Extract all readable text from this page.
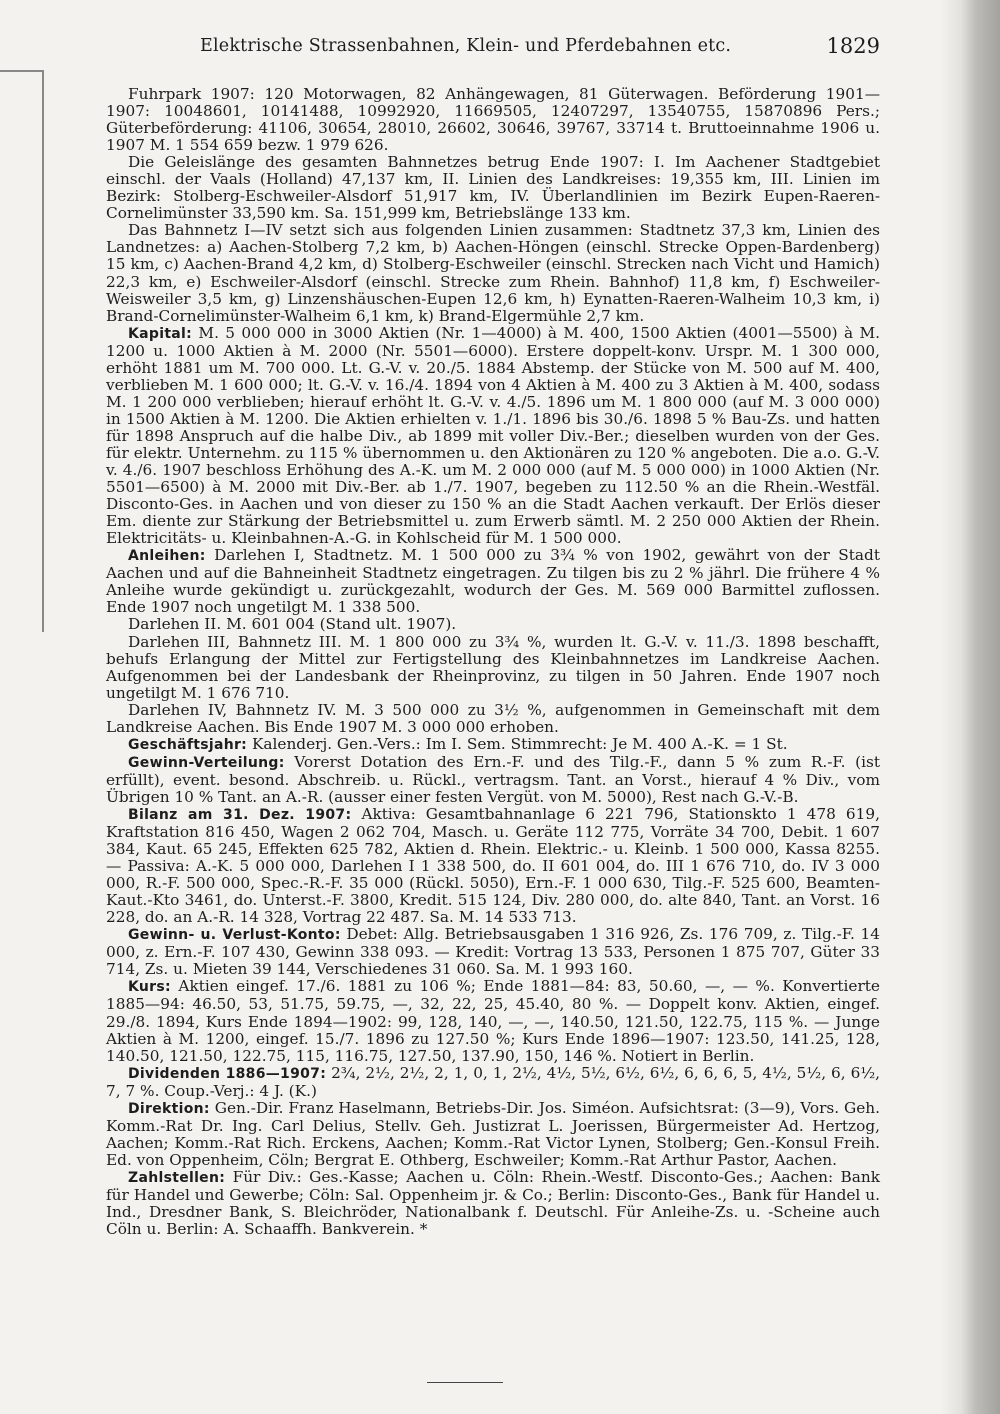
Elektrische Strassenbahnen, Klein- und Pferdebahnen etc.	1829

Fuhrpark 1907: 120 Motorwagen, 82 Anhängewagen, 81 Güterwagen. Beförderung 1901—1907: 10048601, 10141488, 10992920, 11669505, 12407297, 13540755, 15870896 Pers.; Güterbeförderung: 41106, 30654, 28010, 26602, 30646, 39767, 33714 t. Bruttoeinnahme 1906 u. 1907 M. 1 554 659 bezw. 1 979 626.

Die Geleislänge des gesamten Bahnnetzes betrug Ende 1907: I. Im Aachener Stadtgebiet einschl. der Vaals (Holland) 47,137 km, II. Linien des Landkreises: 19,355 km, III. Linien im Bezirk: Stolberg-Eschweiler-Alsdorf 51,917 km, IV. Überlandlinien im Bezirk Eupen-Raeren-Cornelimünster 33,590 km. Sa. 151,999 km, Betriebslänge 133 km.

Das Bahnnetz I—IV setzt sich aus folgenden Linien zusammen: Stadtnetz 37,3 km, Linien des Landnetzes: a) Aachen-Stolberg 7,2 km, b) Aachen-Höngen (einschl. Strecke Oppen-Bardenberg) 15 km, c) Aachen-Brand 4,2 km, d) Stolberg-Eschweiler (einschl. Strecken nach Vicht und Hamich) 22,3 km, e) Eschweiler-Alsdorf (einschl. Strecke zum Rhein. Bahnhof) 11,8 km, f) Eschweiler-Weisweiler 3,5 km, g) Linzenshäuschen-Eupen 12,6 km, h) Eynatten-Raeren-Walheim 10,3 km, i) Brand-Cornelimünster-Walheim 6,1 km, k) Brand-Elgermühle 2,7 km.

Kapital: M. 5 000 000 in 3000 Aktien (Nr. 1—4000) à M. 400, 1500 Aktien (4001—5500) à M. 1200 u. 1000 Aktien à M. 2000 (Nr. 5501—6000). Erstere doppelt-konv. Urspr. M. 1 300 000, erhöht 1881 um M. 700 000. Lt. G.-V. v. 20./5. 1884 Abstemp. der Stücke von M. 500 auf M. 400, verblieben M. 1 600 000; lt. G.-V. v. 16./4. 1894 von 4 Aktien à M. 400 zu 3 Aktien à M. 400, sodass M. 1 200 000 verblieben; hierauf erhöht lt. G.-V. v. 4./5. 1896 um M. 1 800 000 (auf M. 3 000 000) in 1500 Aktien à M. 1200. Die Aktien erhielten v. 1./1. 1896 bis 30./6. 1898 5 % Bau-Zs. und hatten für 1898 Anspruch auf die halbe Div., ab 1899 mit voller Div.-Ber.; dieselben wurden von der Ges. für elektr. Unternehm. zu 115 % übernommen u. den Aktionären zu 120 % angeboten. Die a.o. G.-V. v. 4./6. 1907 beschloss Erhöhung des A.-K. um M. 2 000 000 (auf M. 5 000 000) in 1000 Aktien (Nr. 5501—6500) à M. 2000 mit Div.-Ber. ab 1./7. 1907, begeben zu 112.50 % an die Rhein.-Westfäl. Disconto-Ges. in Aachen und von dieser zu 150 % an die Stadt Aachen verkauft. Der Erlös dieser Em. diente zur Stärkung der Betriebsmittel u. zum Erwerb sämtl. M. 2 250 000 Aktien der Rhein. Elektricitäts- u. Kleinbahnen-A.-G. in Kohlscheid für M. 1 500 000.

Anleihen: Darlehen I, Stadtnetz. M. 1 500 000 zu 3¾ % von 1902, gewährt von der Stadt Aachen und auf die Bahneinheit Stadtnetz eingetragen. Zu tilgen bis zu 2 % jährl. Die frühere 4 % Anleihe wurde gekündigt u. zurückgezahlt, wodurch der Ges. M. 569 000 Barmittel zuflossen. Ende 1907 noch ungetilgt M. 1 338 500.

Darlehen II. M. 601 004 (Stand ult. 1907).

Darlehen III, Bahnnetz III. M. 1 800 000 zu 3¾ %, wurden lt. G.-V. v. 11./3. 1898 beschafft, behufs Erlangung der Mittel zur Fertigstellung des Kleinbahnnetzes im Landkreise Aachen. Aufgenommen bei der Landesbank der Rheinprovinz, zu tilgen in 50 Jahren. Ende 1907 noch ungetilgt M. 1 676 710.

Darlehen IV, Bahnnetz IV. M. 3 500 000 zu 3½ %, aufgenommen in Gemeinschaft mit dem Landkreise Aachen. Bis Ende 1907 M. 3 000 000 erhoben.

Geschäftsjahr: Kalenderj. Gen.-Vers.: Im I. Sem. Stimmrecht: Je M. 400 A.-K. = 1 St.

Gewinn-Verteilung: Vorerst Dotation des Ern.-F. und des Tilg.-F., dann 5 % zum R.-F. (ist erfüllt), event. besond. Abschreib. u. Rückl., vertragsm. Tant. an Vorst., hierauf 4 % Div., vom Übrigen 10 % Tant. an A.-R. (ausser einer festen Vergüt. von M. 5000), Rest nach G.-V.-B.

Bilanz am 31. Dez. 1907: Aktiva: Gesamtbahnanlage 6 221 796, Stationskto 1 478 619, Kraftstation 816 450, Wagen 2 062 704, Masch. u. Geräte 112 775, Vorräte 34 700, Debit. 1 607 384, Kaut. 65 245, Effekten 625 782, Aktien d. Rhein. Elektric.- u. Kleinb. 1 500 000, Kassa 8255. — Passiva: A.-K. 5 000 000, Darlehen I 1 338 500, do. II 601 004, do. III 1 676 710, do. IV 3 000 000, R.-F. 500 000, Spec.-R.-F. 35 000 (Rückl. 5050), Ern.-F. 1 000 630, Tilg.-F. 525 600, Beamten-Kaut.-Kto 3461, do. Unterst.-F. 3800, Kredit. 515 124, Div. 280 000, do. alte 840, Tant. an Vorst. 16 228, do. an A.-R. 14 328, Vortrag 22 487. Sa. M. 14 533 713.

Gewinn- u. Verlust-Konto: Debet: Allg. Betriebsausgaben 1 316 926, Zs. 176 709, z. Tilg.-F. 14 000, z. Ern.-F. 107 430, Gewinn 338 093. — Kredit: Vortrag 13 533, Personen 1 875 707, Güter 33 714, Zs. u. Mieten 39 144, Verschiedenes 31 060. Sa. M. 1 993 160.

Kurs: Aktien eingef. 17./6. 1881 zu 106 %; Ende 1881—84: 83, 50.60, —, — %. Konvertierte 1885—94: 46.50, 53, 51.75, 59.75, —, 32, 22, 25, 45.40, 80 %. — Doppelt konv. Aktien, eingef. 29./8. 1894, Kurs Ende 1894—1902: 99, 128, 140, —, —, 140.50, 121.50, 122.75, 115 %. — Junge Aktien à M. 1200, eingef. 15./7. 1896 zu 127.50 %; Kurs Ende 1896—1907: 123.50, 141.25, 128, 140.50, 121.50, 122.75, 115, 116.75, 127.50, 137.90, 150, 146 %. Notiert in Berlin.

Dividenden 1886—1907: 2¾, 2½, 2½, 2, 1, 0, 1, 2½, 4½, 5½, 6½, 6½, 6, 6, 6, 5, 4½, 5½, 6, 6½, 7, 7 %. Coup.-Verj.: 4 J. (K.)

Direktion: Gen.-Dir. Franz Haselmann, Betriebs-Dir. Jos. Siméon. Aufsichtsrat: (3—9), Vors. Geh. Komm.-Rat Dr. Ing. Carl Delius, Stellv. Geh. Justizrat L. Joerissen, Bürgermeister Ad. Hertzog, Aachen; Komm.-Rat Rich. Erckens, Aachen; Komm.-Rat Victor Lynen, Stolberg; Gen.-Konsul Freih. Ed. von Oppenheim, Cöln; Bergrat E. Othberg, Eschweiler; Komm.-Rat Arthur Pastor, Aachen.

Zahlstellen: Für Div.: Ges.-Kasse; Aachen u. Cöln: Rhein.-Westf. Disconto-Ges.; Aachen: Bank für Handel und Gewerbe; Cöln: Sal. Oppenheim jr. & Co.; Berlin: Disconto-Ges., Bank für Handel u. Ind., Dresdner Bank, S. Bleichröder, Nationalbank f. Deutschl. Für Anleihe-Zs. u. -Scheine auch Cöln u. Berlin: A. Schaaffh. Bankverein. *
